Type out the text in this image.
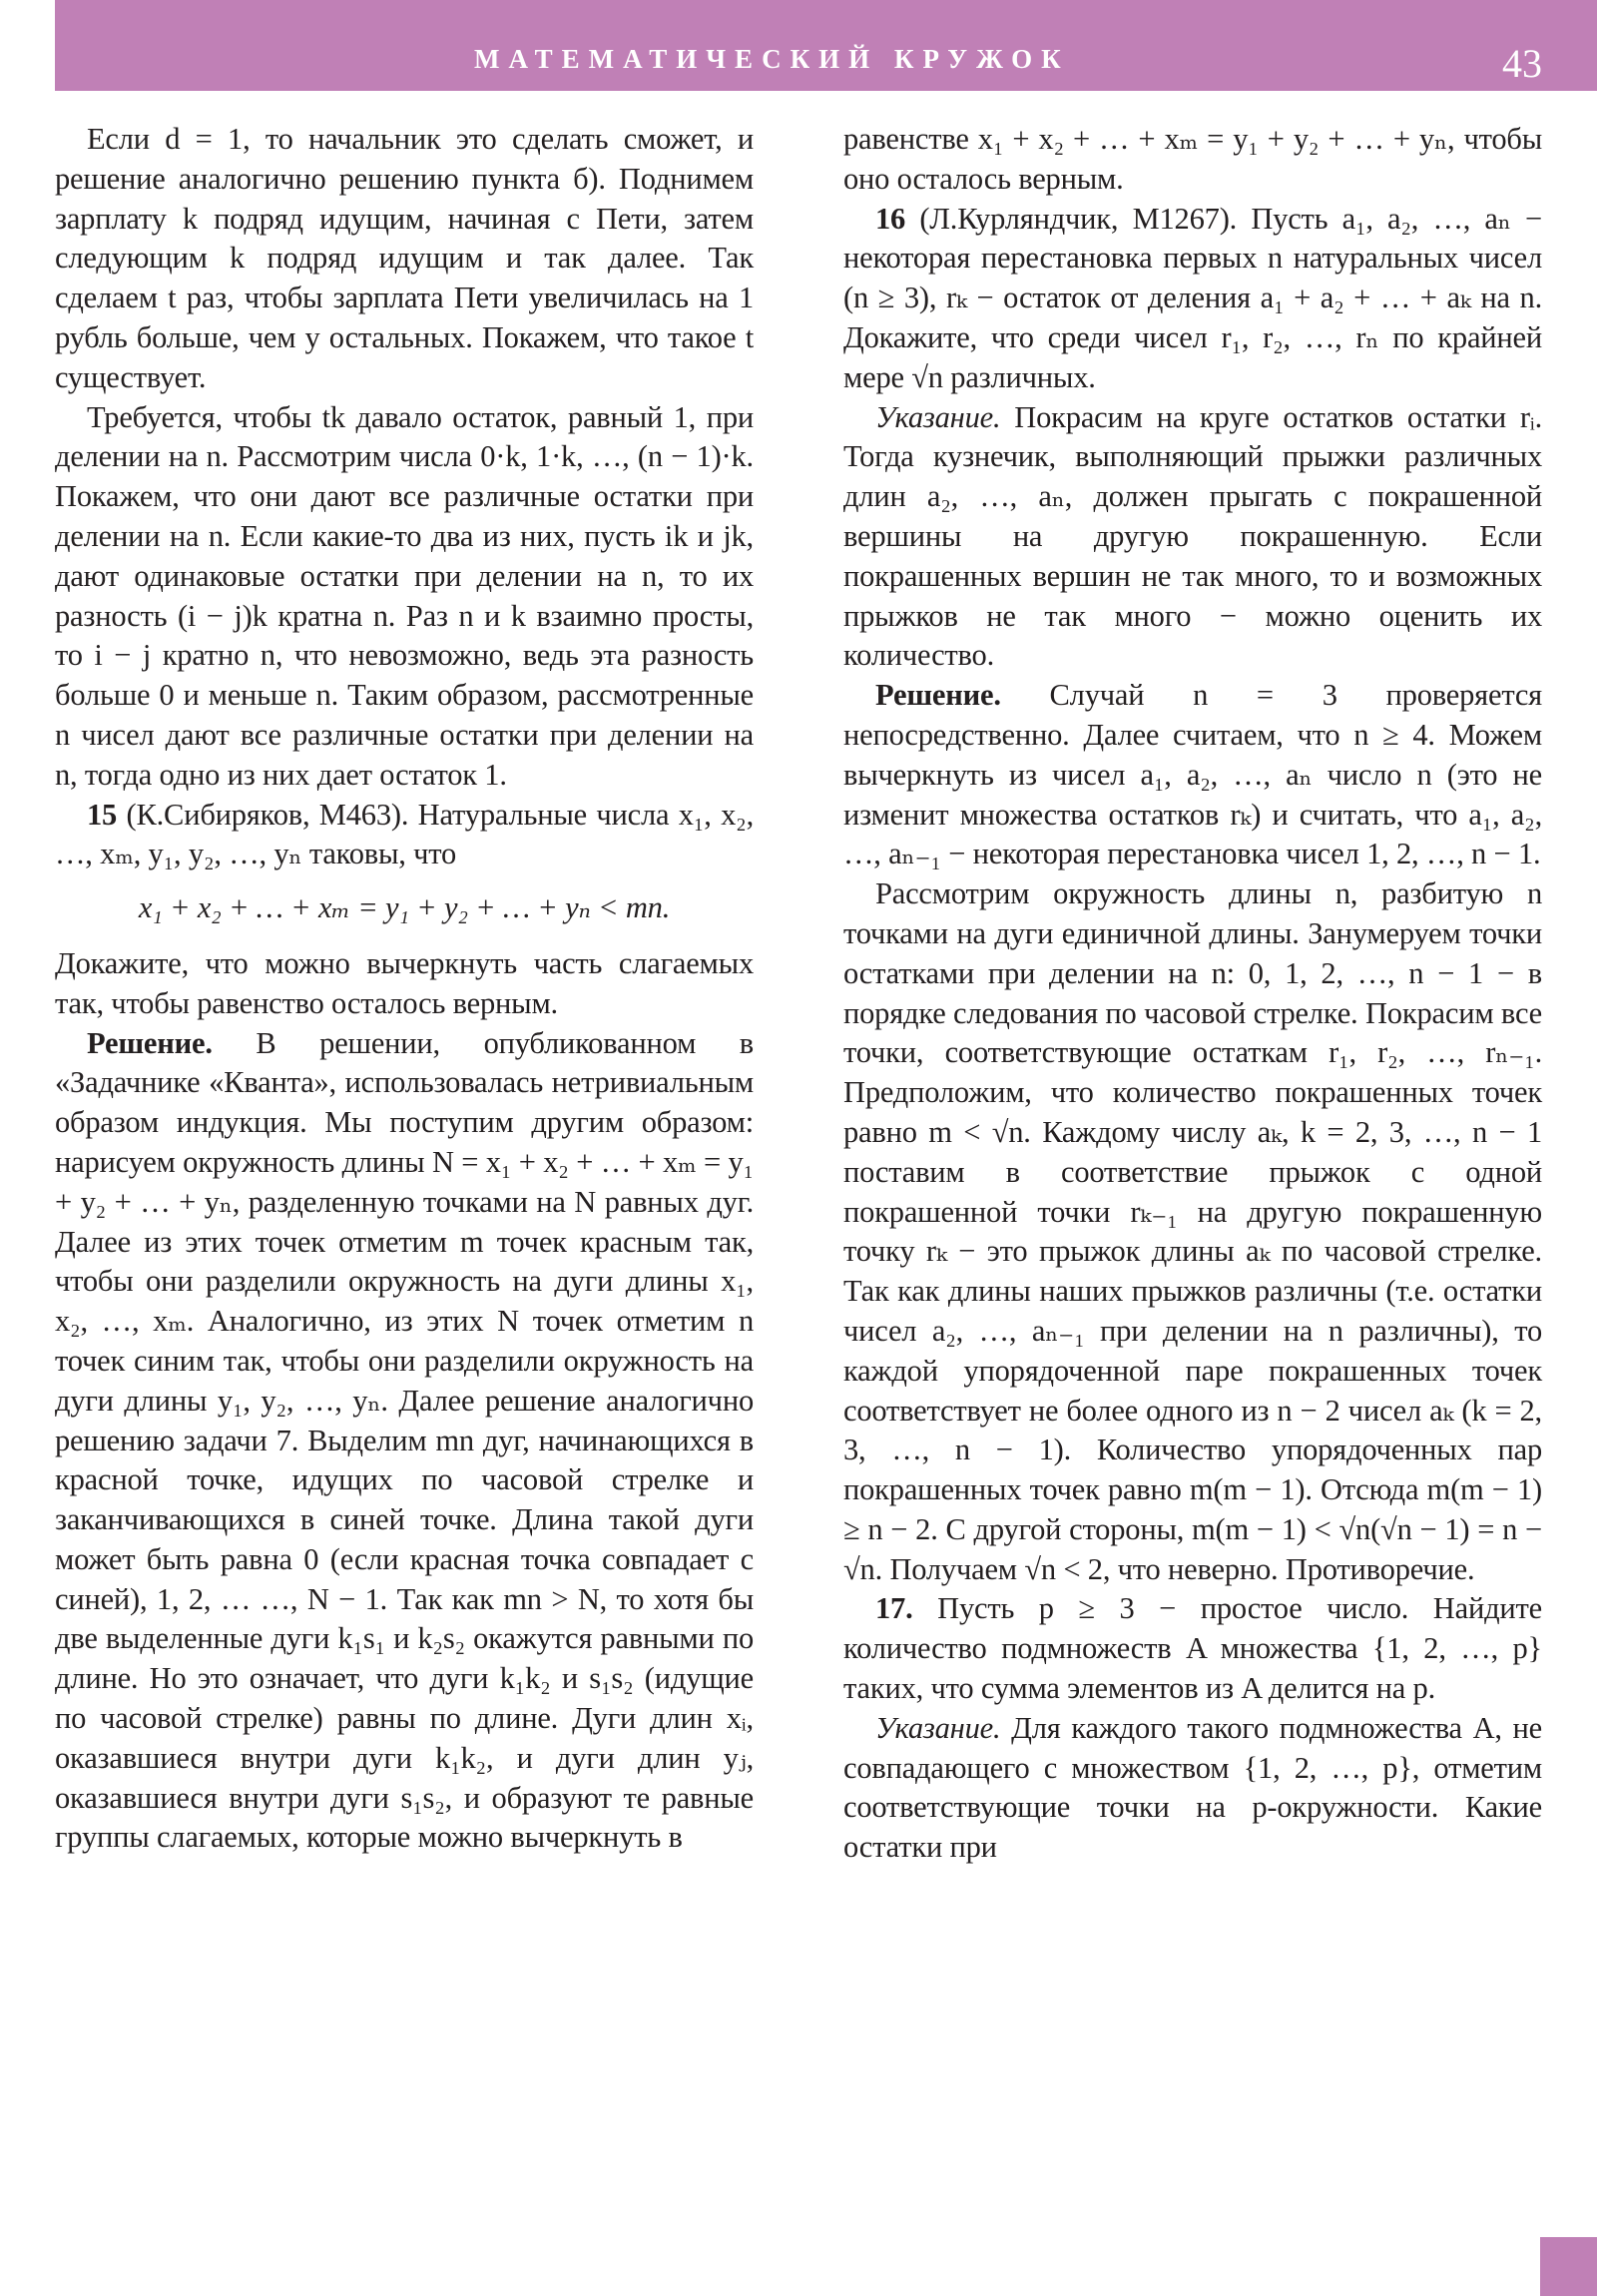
МАТЕМАТИЧЕСКИЙ КРУЖОК	43

Если d = 1, то начальник это сделать сможет, и решение аналогично решению пункта б). Поднимем зарплату k подряд идущим, начиная с Пети, затем следующим k подряд идущим и так далее. Так сделаем t раз, чтобы зарплата Пети увеличилась на 1 рубль больше, чем у остальных. Покажем, что такое t существует.

Требуется, чтобы tk давало остаток, равный 1, при делении на n. Рассмотрим числа 0·k, 1·k, …, (n − 1)·k. Покажем, что они дают все различные остатки при делении на n. Если какие-то два из них, пусть ik и jk, дают одинаковые остатки при делении на n, то их разность (i − j)k кратна n. Раз n и k взаимно просты, то i − j кратно n, что невозможно, ведь эта разность больше 0 и меньше n. Таким образом, рассмотренные n чисел дают все различные остатки при делении на n, тогда одно из них дает остаток 1.

15 (К.Сибиряков, М463). Натуральные числа x₁, x₂, …, xₘ, y₁, y₂, …, yₙ таковы, что

x₁ + x₂ + … + xₘ = y₁ + y₂ + … + yₙ < mn.

Докажите, что можно вычеркнуть часть слагаемых так, чтобы равенство осталось верным.

Решение. В решении, опубликованном в «Задачнике «Кванта», использовалась нетривиальным образом индукция. Мы поступим другим образом: нарисуем окружность длины N = x₁ + x₂ + … + xₘ = y₁ + y₂ + … + yₙ, разделенную точками на N равных дуг. Далее из этих точек отметим m точек красным так, чтобы они разделили окружность на дуги длины x₁, x₂, …, xₘ. Аналогично, из этих N точек отметим n точек синим так, чтобы они разделили окружность на дуги длины y₁, y₂, …, yₙ. Далее решение аналогично решению задачи 7. Выделим mn дуг, начинающихся в красной точке, идущих по часовой стрелке и заканчивающихся в синей точке. Длина такой дуги может быть равна 0 (если красная точка совпадает с синей), 1, 2, … …, N − 1. Так как mn > N, то хотя бы две выделенные дуги k₁s₁ и k₂s₂ окажутся равными по длине. Но это означает, что дуги k₁k₂ и s₁s₂ (идущие по часовой стрелке) равны по длине. Дуги длин xᵢ, оказавшиеся внутри дуги k₁k₂, и дуги длин yⱼ, оказавшиеся внутри дуги s₁s₂, и образуют те равные группы слагаемых, которые можно вычеркнуть в

равенстве x₁ + x₂ + … + xₘ = y₁ + y₂ + … + yₙ, чтобы оно осталось верным.

16 (Л.Курляндчик, М1267). Пусть a₁, a₂, …, aₙ − некоторая перестановка первых n натуральных чисел (n ≥ 3), rₖ − остаток от деления a₁ + a₂ + … + aₖ на n. Докажите, что среди чисел r₁, r₂, …, rₙ по крайней мере √n различных.

Указание. Покрасим на круге остатков остатки rᵢ. Тогда кузнечик, выполняющий прыжки различных длин a₂, …, aₙ, должен прыгать с покрашенной вершины на другую покрашенную. Если покрашенных вершин не так много, то и возможных прыжков не так много − можно оценить их количество.

Решение. Случай n = 3 проверяется непосредственно. Далее считаем, что n ≥ 4. Можем вычеркнуть из чисел a₁, a₂, …, aₙ число n (это не изменит множества остатков rₖ) и считать, что a₁, a₂, …, aₙ₋₁ − некоторая перестановка чисел 1, 2, …, n − 1.

Рассмотрим окружность длины n, разбитую n точками на дуги единичной длины. Занумеруем точки остатками при делении на n: 0, 1, 2, …, n − 1 − в порядке следования по часовой стрелке. Покрасим все точки, соответствующие остаткам r₁, r₂, …, rₙ₋₁. Предположим, что количество покрашенных точек равно m < √n. Каждому числу aₖ, k = 2, 3, …, n − 1 поставим в соответствие прыжок с одной покрашенной точки rₖ₋₁ на другую покрашенную точку rₖ − это прыжок длины aₖ по часовой стрелке. Так как длины наших прыжков различны (т.е. остатки чисел a₂, …, aₙ₋₁ при делении на n различны), то каждой упорядоченной паре покрашенных точек соответствует не более одного из n − 2 чисел aₖ (k = 2, 3, …, n − 1). Количество упорядоченных пар покрашенных точек равно m(m − 1). Отсюда m(m − 1) ≥ n − 2. С другой стороны, m(m − 1) < √n(√n − 1) = n − √n. Получаем √n < 2, что неверно. Противоречие.

17. Пусть p ≥ 3 − простое число. Найдите количество подмножеств A множества {1, 2, …, p} таких, что сумма элементов из A делится на p.

Указание. Для каждого такого подмножества A, не совпадающего с множеством {1, 2, …, p}, отметим соответствующие точки на p-окружности. Какие остатки при
